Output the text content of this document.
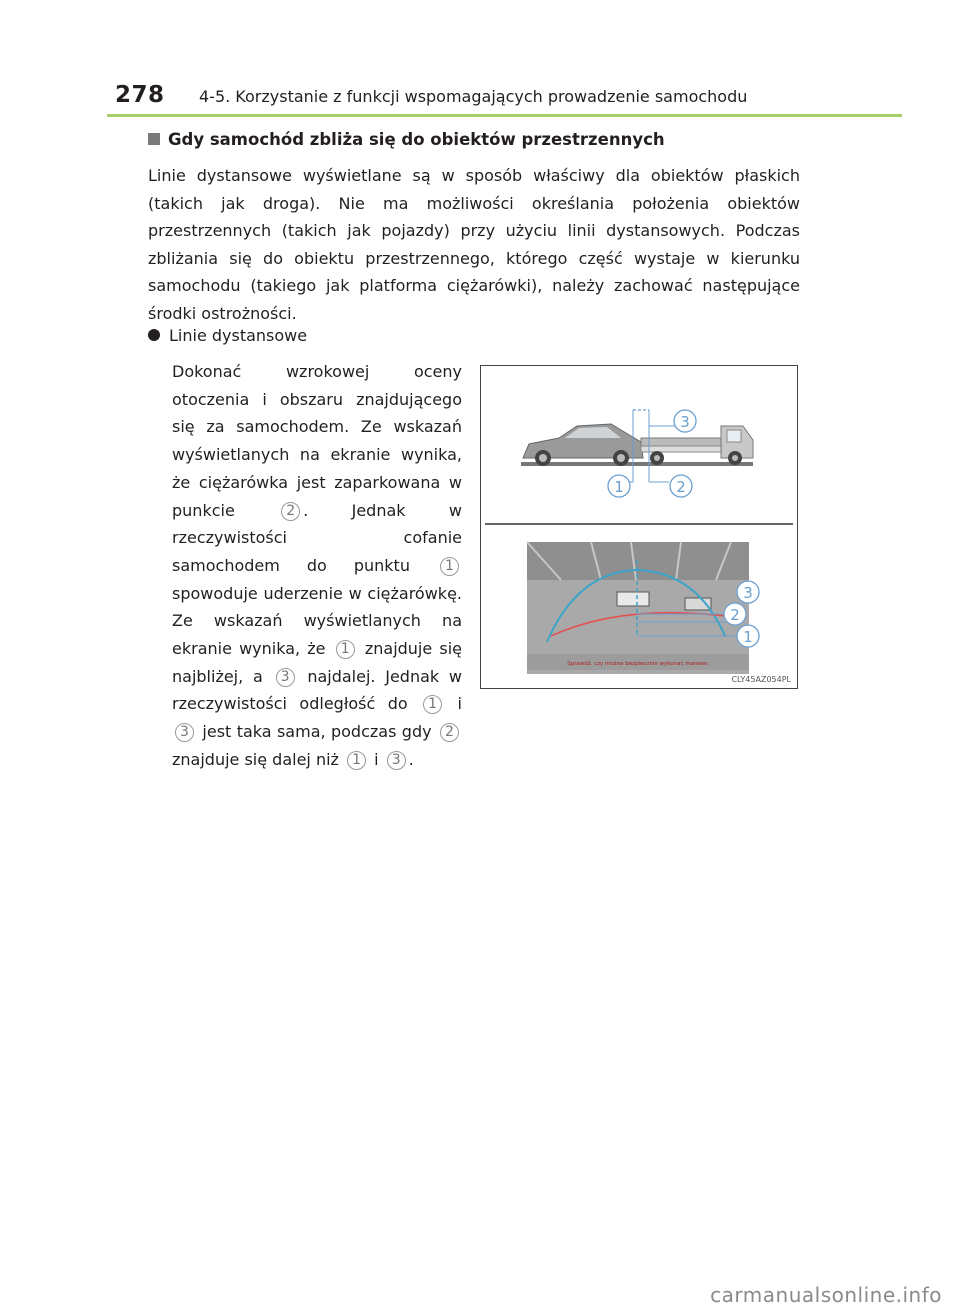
278 4-5. Korzystanie z funkcji wspomagających prowadzenie samochodu
Gdy samochód zbliża się do obiektów przestrzennych
Linie dystansowe wyświetlane są w sposób właściwy dla obiektów płaskich (takich jak droga). Nie ma możliwości określania położenia obiektów przestrzennych (takich jak pojazdy) przy użyciu linii dystansowych. Podczas zbliżania się do obiektu przestrzennego, którego część wystaje w kierunku samochodu (takiego jak platforma ciężarówki), należy zachować następujące środki ostrożności.
Linie dystansowe
Dokonać wzrokowej oceny otoczenia i obszaru znajdującego się za samochodem. Ze wskazań wyświetlanych na ekranie wynika, że ciężarówka jest zaparkowana w punkcie	2 . Jednak w rzeczywistości cofanie samochodem do punktu	1 spowoduje uderzenie w ciężarówkę. Ze wskazań wyświetlanych na ekranie wynika, że 1 znajduje się najbliżej, a 3 najdalej. Jednak w rzeczywistości odległość do 1 i 3 jest taka sama, podczas gdy 2 znajduje się dalej niż 1 i 3 .
3
1	2
Sprawdź, czy można bezpiecznie wykonać manewr.
3
2
1
CLY45AZ054PL
carmanualsonline.info
